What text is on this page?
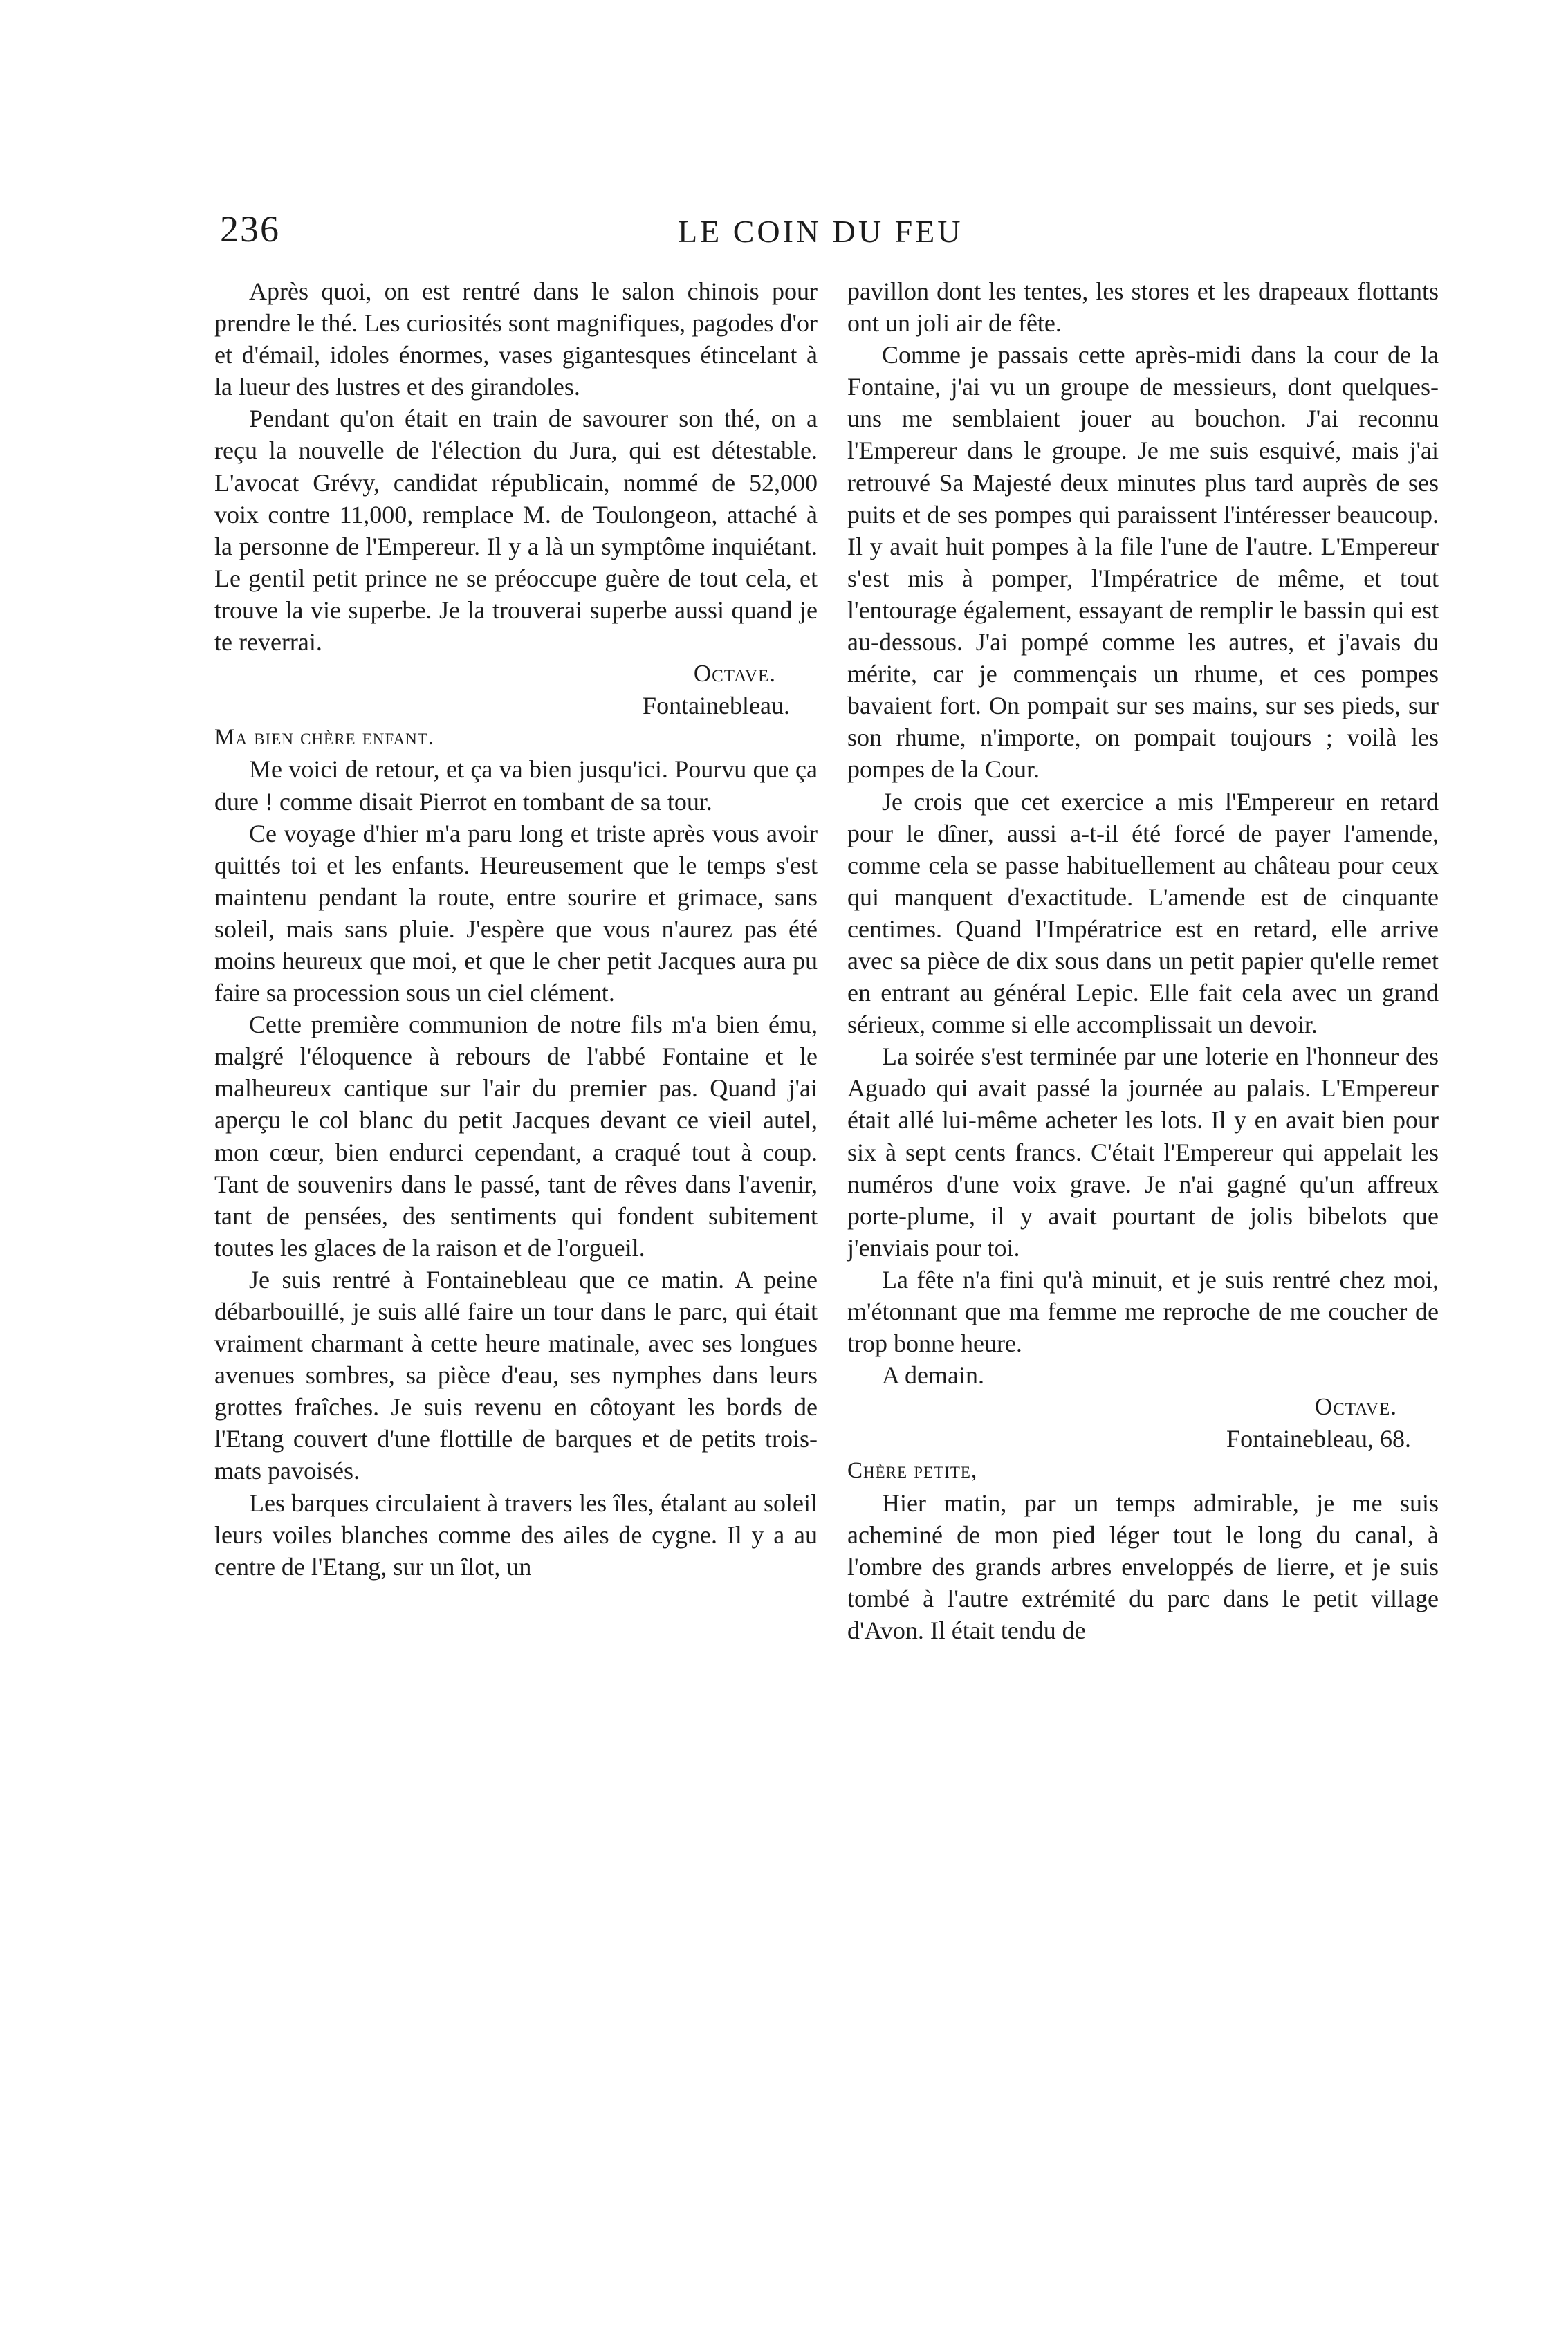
236	LE COIN DU FEU

Après quoi, on est rentré dans le salon chinois pour prendre le thé. Les curiosités sont magnifiques, pagodes d'or et d'émail, idoles énormes, vases gigantesques étincelant à la lueur des lustres et des girandoles.

Pendant qu'on était en train de savourer son thé, on a reçu la nouvelle de l'élection du Jura, qui est détestable. L'avocat Grévy, candidat républicain, nommé de 52,000 voix contre 11,000, remplace M. de Toulongeon, attaché à la personne de l'Empereur. Il y a là un symptôme inquiétant. Le gentil petit prince ne se préoccupe guère de tout cela, et trouve la vie superbe. Je la trouverai superbe aussi quand je te reverrai.

Octave.

Fontainebleau.

Ma bien chère enfant.

Me voici de retour, et ça va bien jusqu'ici. Pourvu que ça dure ! comme disait Pierrot en tombant de sa tour.

Ce voyage d'hier m'a paru long et triste après vous avoir quittés toi et les enfants. Heureusement que le temps s'est maintenu pendant la route, entre sourire et grimace, sans soleil, mais sans pluie. J'espère que vous n'aurez pas été moins heureux que moi, et que le cher petit Jacques aura pu faire sa procession sous un ciel clément.

Cette première communion de notre fils m'a bien ému, malgré l'éloquence à rebours de l'abbé Fontaine et le malheureux cantique sur l'air du premier pas. Quand j'ai aperçu le col blanc du petit Jacques devant ce vieil autel, mon cœur, bien endurci cependant, a craqué tout à coup. Tant de souvenirs dans le passé, tant de rêves dans l'avenir, tant de pensées, des sentiments qui fondent subitement toutes les glaces de la raison et de l'orgueil.

Je suis rentré à Fontainebleau que ce matin. A peine débarbouillé, je suis allé faire un tour dans le parc, qui était vraiment charmant à cette heure matinale, avec ses longues avenues sombres, sa pièce d'eau, ses nymphes dans leurs grottes fraîches. Je suis revenu en côtoyant les bords de l'Etang couvert d'une flottille de barques et de petits trois-mats pavoisés.

Les barques circulaient à travers les îles, étalant au soleil leurs voiles blanches comme des ailes de cygne. Il y a au centre de l'Etang, sur un îlot, un

pavillon dont les tentes, les stores et les drapeaux flottants ont un joli air de fête.

Comme je passais cette après-midi dans la cour de la Fontaine, j'ai vu un groupe de messieurs, dont quelques-uns me semblaient jouer au bouchon. J'ai reconnu l'Empereur dans le groupe. Je me suis esquivé, mais j'ai retrouvé Sa Majesté deux minutes plus tard auprès de ses puits et de ses pompes qui paraissent l'intéresser beaucoup. Il y avait huit pompes à la file l'une de l'autre. L'Empereur s'est mis à pomper, l'Impératrice de même, et tout l'entourage également, essayant de remplir le bassin qui est au-dessous. J'ai pompé comme les autres, et j'avais du mérite, car je commençais un rhume, et ces pompes bavaient fort. On pompait sur ses mains, sur ses pieds, sur son rhume, n'importe, on pompait toujours ; voilà les pompes de la Cour.

Je crois que cet exercice a mis l'Empereur en retard pour le dîner, aussi a-t-il été forcé de payer l'amende, comme cela se passe habituellement au château pour ceux qui manquent d'exactitude. L'amende est de cinquante centimes. Quand l'Impératrice est en retard, elle arrive avec sa pièce de dix sous dans un petit papier qu'elle remet en entrant au général Lepic. Elle fait cela avec un grand sérieux, comme si elle accomplissait un devoir.

La soirée s'est terminée par une loterie en l'honneur des Aguado qui avait passé la journée au palais. L'Empereur était allé lui-même acheter les lots. Il y en avait bien pour six à sept cents francs. C'était l'Empereur qui appelait les numéros d'une voix grave. Je n'ai gagné qu'un affreux porte-plume, il y avait pourtant de jolis bibelots que j'enviais pour toi.

La fête n'a fini qu'à minuit, et je suis rentré chez moi, m'étonnant que ma femme me reproche de me coucher de trop bonne heure.

A demain.

Octave.

Fontainebleau, 68.

Chère petite,

Hier matin, par un temps admirable, je me suis acheminé de mon pied léger tout le long du canal, à l'ombre des grands arbres enveloppés de lierre, et je suis tombé à l'autre extrémité du parc dans le petit village d'Avon. Il était tendu de
